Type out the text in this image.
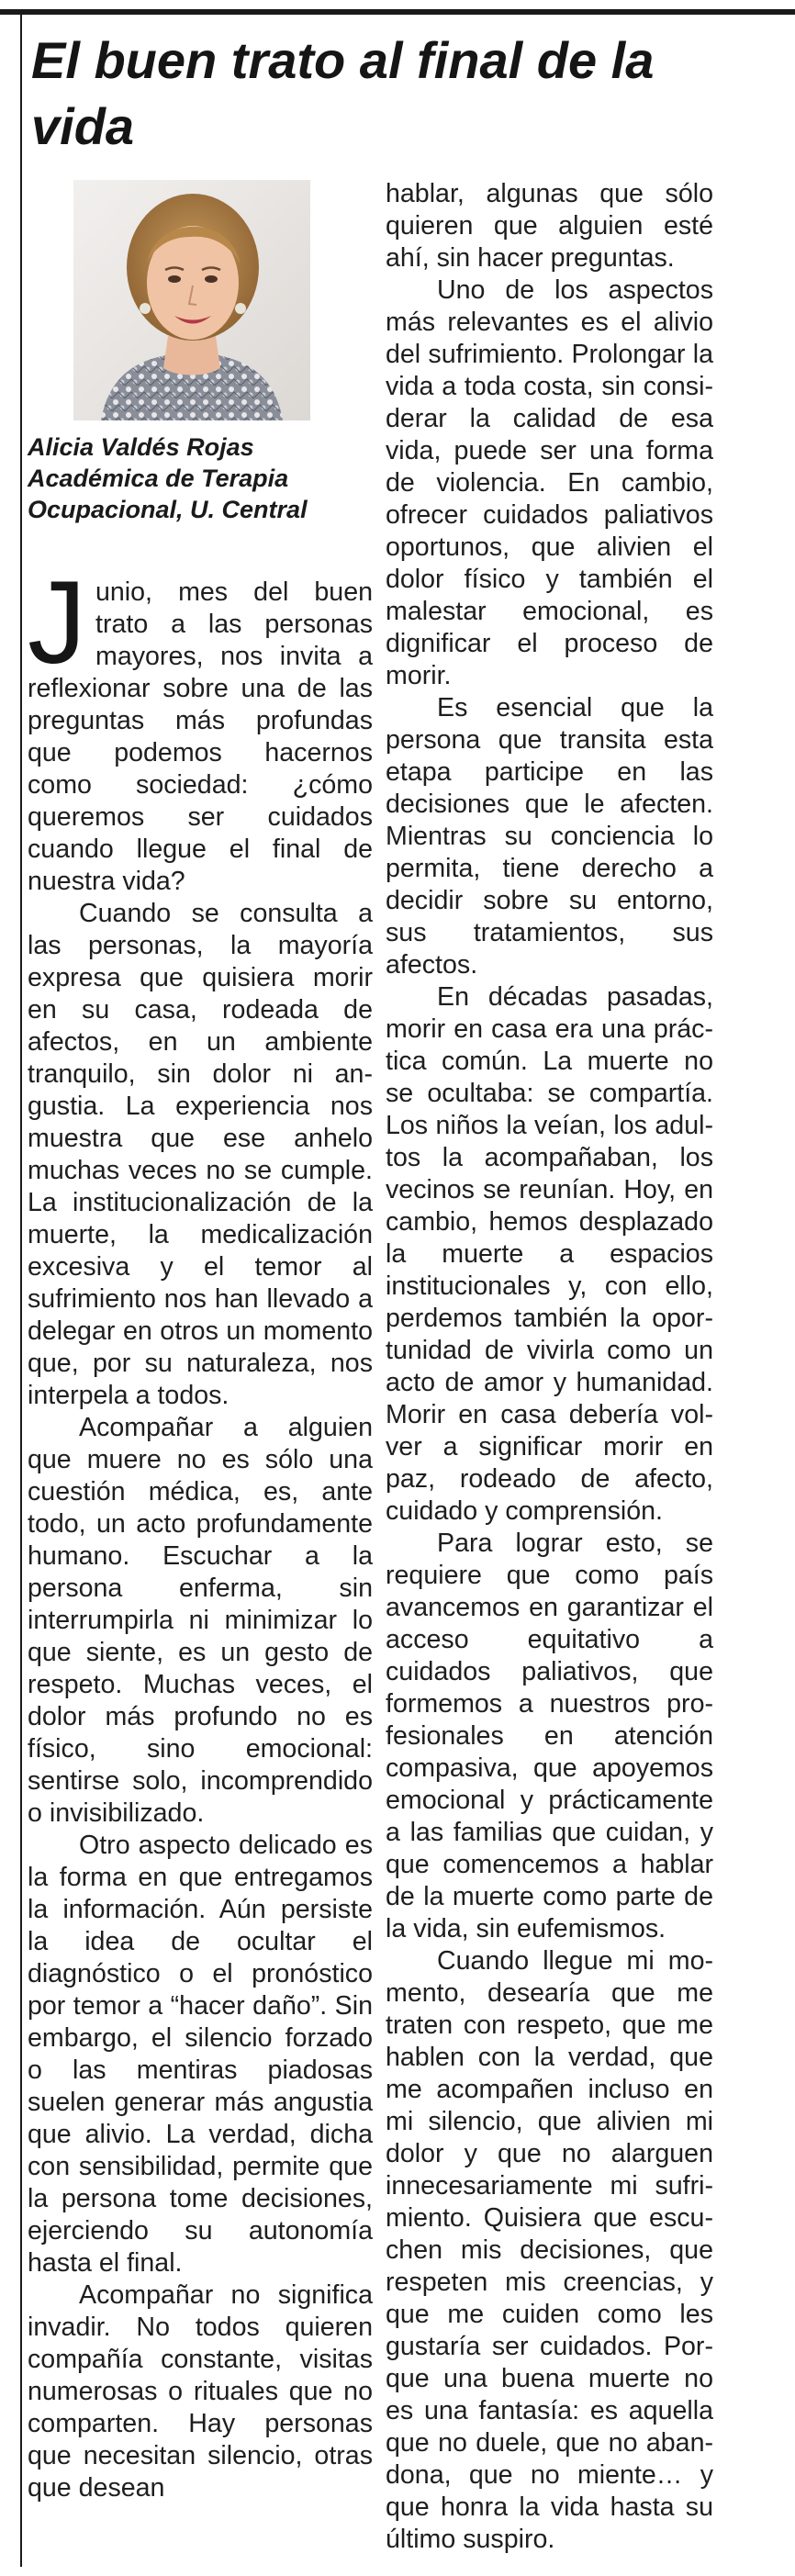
El buen trato al final de la vida
Alicia Valdés Rojas
Académica de Terapia
Ocupacional, U. Central

Junio, mes del buen trato a las personas mayores, nos invita a reflexionar sobre una de las preguntas más profundas que podemos hacernos como sociedad: ¿cómo queremos ser cuidados cuando llegue el final de nuestra vida?

Cuando se consulta a las personas, la mayoría expresa que quisiera morir en su casa, rodeada de afectos, en un ambiente tranquilo, sin dolor ni angustia. La experiencia nos muestra que ese anhelo muchas veces no se cumple. La institucionalización de la muerte, la medicalización excesiva y el temor al sufrimiento nos han llevado a delegar en otros un momento que, por su naturaleza, nos interpela a todos.

Acompañar a alguien que muere no es sólo una cuestión médica, es, ante todo, un acto profundamente humano. Escuchar a la persona enferma, sin interrumpirla ni minimizar lo que siente, es un gesto de respeto. Muchas veces, el dolor más profundo no es físico, sino emocional: sentirse solo, incomprendido o invisibilizado.

Otro aspecto delicado es la forma en que entregamos la información. Aún persiste la idea de ocultar el diagnóstico o el pronóstico por temor a “hacer daño”. Sin embargo, el silencio forzado o las mentiras piadosas suelen generar más angustia que alivio. La verdad, dicha con sensibilidad, permite que la persona tome decisiones, ejerciendo su autonomía hasta el final.

Acompañar no significa invadir. No todos quieren compañía constante, visitas numerosas o rituales que no comparten. Hay personas que necesitan silencio, otras que desean

hablar, algunas que sólo quieren que alguien esté ahí, sin hacer preguntas.

Uno de los aspectos más relevantes es el alivio del sufrimiento. Prolongar la vida a toda costa, sin considerar la calidad de esa vida, puede ser una forma de violencia. En cambio, ofrecer cuidados paliativos oportunos, que alivien el dolor físico y también el malestar emocional, es dignificar el proceso de morir.

Es esencial que la persona que transita esta etapa participe en las decisiones que le afecten. Mientras su conciencia lo permita, tiene derecho a decidir sobre su entorno, sus tratamientos, sus afectos.

En décadas pasadas, morir en casa era una práctica común. La muerte no se ocultaba: se compartía. Los niños la veían, los adultos la acompañaban, los vecinos se reunían. Hoy, en cambio, hemos desplazado la muerte a espacios institucionales y, con ello, perdemos también la oportunidad de vivirla como un acto de amor y humanidad. Morir en casa debería volver a significar morir en paz, rodeado de afecto, cuidado y comprensión.

Para lograr esto, se requiere que como país avancemos en garantizar el acceso equitativo a cuidados paliativos, que formemos a nuestros profesionales en atención compasiva, que apoyemos emocional y prácticamente a las familias que cuidan, y que comencemos a hablar de la muerte como parte de la vida, sin eufemismos.

Cuando llegue mi momento, desearía que me traten con respeto, que me hablen con la verdad, que me acompañen incluso en mi silencio, que alivien mi dolor y que no alarguen innecesariamente mi sufrimiento. Quisiera que escuchen mis decisiones, que respeten mis creencias, y que me cuiden como les gustaría ser cuidados. Porque una buena muerte no es una fantasía: es aquella que no duele, que no abandona, que no miente… y que honra la vida hasta su último suspiro.
